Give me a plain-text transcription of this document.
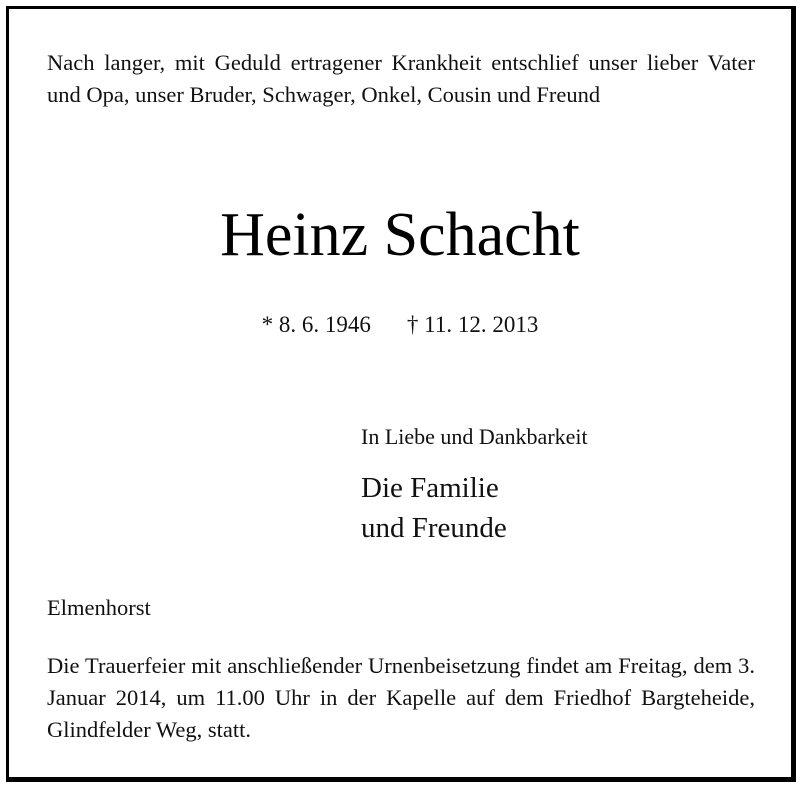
Nach langer, mit Geduld ertragener Krankheit entschlief unser lieber Vater und Opa, unser Bruder, Schwager, Onkel, Cousin und Freund
Heinz Schacht
* 8. 6. 1946 † 11. 12. 2013
In Liebe und Dankbarkeit
Die Familie
und Freunde
Elmenhorst
Die Trauerfeier mit anschließender Urnenbeisetzung findet am Freitag, dem 3. Januar 2014, um 11.00 Uhr in der Kapelle auf dem Friedhof Bargteheide, Glindfelder Weg, statt.
